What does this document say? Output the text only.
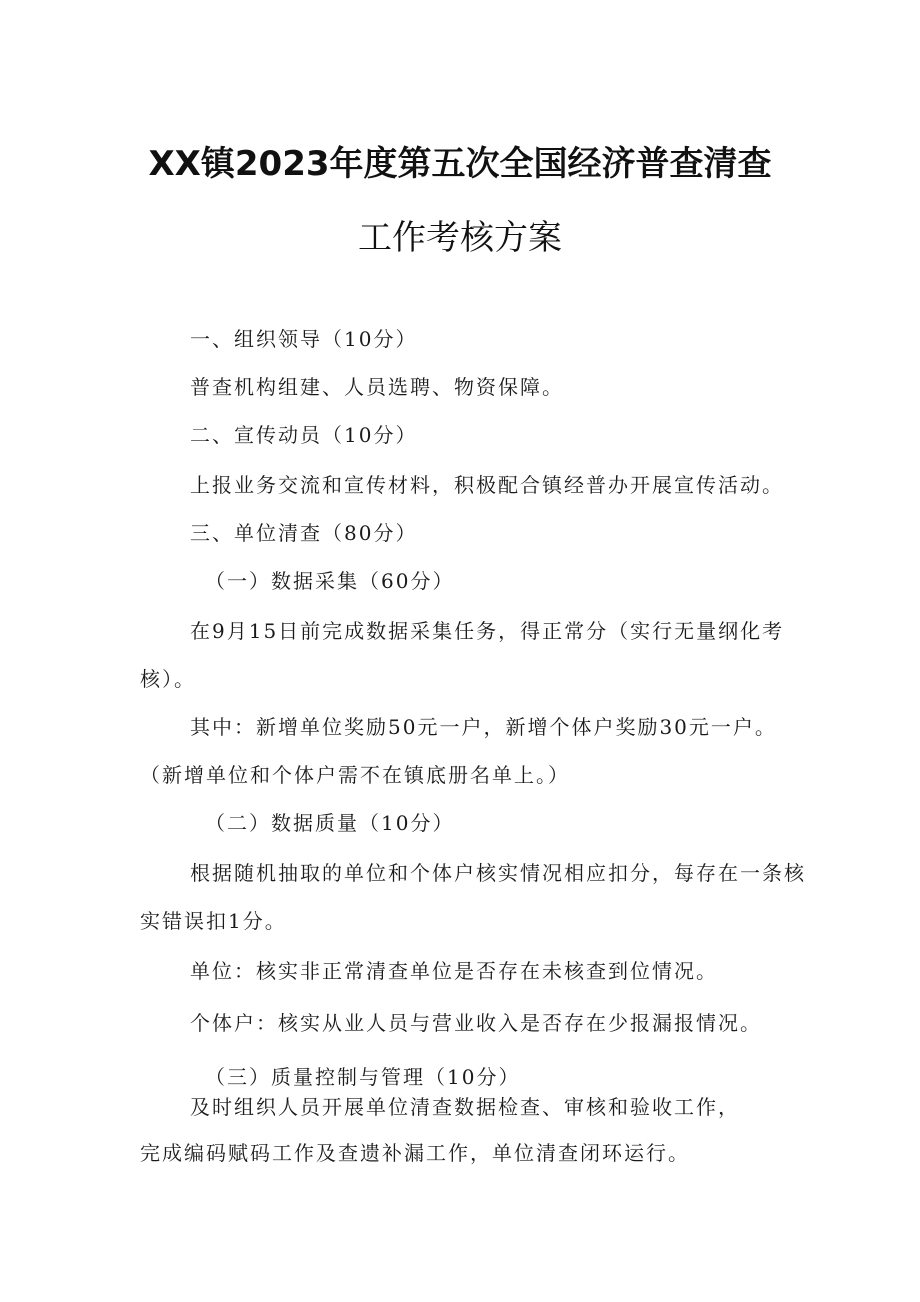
XX镇2023年度第五次全国经济普查清查
工作考核方案
一、组织领导（10分）
普查机构组建、人员选聘、物资保障。
二、宣传动员（10分）
上报业务交流和宣传材料，积极配合镇经普办开展宣传活动。
三、单位清查（80分）
（一）数据采集（60分）
在9月15日前完成数据采集任务，得正常分（实行无量纲化考
核）。
其中：新增单位奖励50元一户，新增个体户奖励30元一户。
（新增单位和个体户需不在镇底册名单上。）
（二）数据质量（10分）
根据随机抽取的单位和个体户核实情况相应扣分，每存在一条核
实错误扣1分。
单位：核实非正常清查单位是否存在未核查到位情况。
个体户：核实从业人员与营业收入是否存在少报漏报情况。
（三）质量控制与管理（10分）
及时组织人员开展单位清查数据检查、审核和验收工作，
完成编码赋码工作及查遗补漏工作，单位清查闭环运行。
